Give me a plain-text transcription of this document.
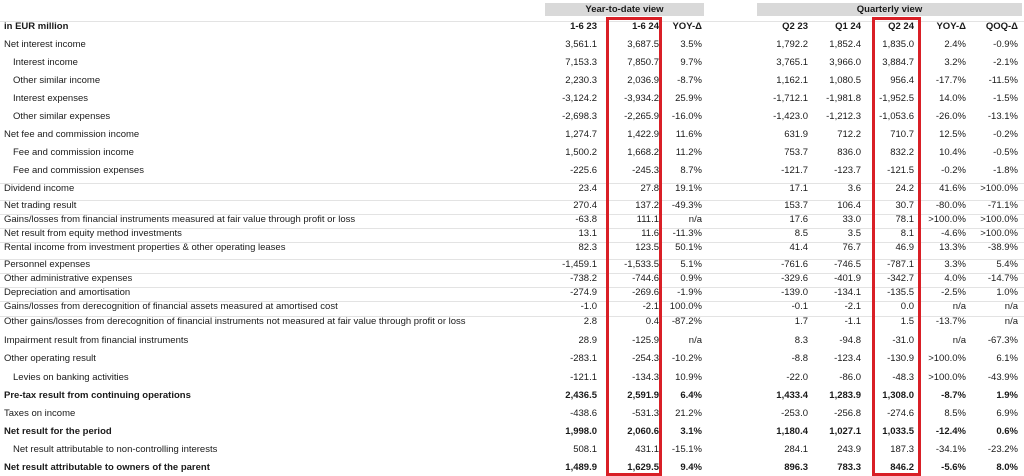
Year-to-date view	Quarterly view
in EUR million	1-6 23	1-6 24	YOY-Δ	Q2 23	Q1 24	Q2 24	YOY-Δ	QOQ-Δ
Net interest income	3,561.1	3,687.5	3.5%	1,792.2	1,852.4	1,835.0	2.4%	-0.9%
Interest income	7,153.3	7,850.7	9.7%	3,765.1	3,966.0	3,884.7	3.2%	-2.1%
Other similar income	2,230.3	2,036.9	-8.7%	1,162.1	1,080.5	956.4	-17.7%	-11.5%
Interest expenses	-3,124.2	-3,934.2	25.9%	-1,712.1	-1,981.8	-1,952.5	14.0%	-1.5%
Other similar expenses	-2,698.3	-2,265.9	-16.0%	-1,423.0	-1,212.3	-1,053.6	-26.0%	-13.1%
Net fee and commission income	1,274.7	1,422.9	11.6%	631.9	712.2	710.7	12.5%	-0.2%
Fee and commission income	1,500.2	1,668.2	11.2%	753.7	836.0	832.2	10.4%	-0.5%
Fee and commission expenses	-225.6	-245.3	8.7%	-121.7	-123.7	-121.5	-0.2%	-1.8%
Dividend income	23.4	27.8	19.1%	17.1	3.6	24.2	41.6%	>100.0%
Net trading result	270.4	137.2	-49.3%	153.7	106.4	30.7	-80.0%	-71.1%
Gains/losses from financial instruments measured at fair value through profit or loss	-63.8	111.1	n/a	17.6	33.0	78.1	>100.0%	>100.0%
Net result from equity method investments	13.1	11.6	-11.3%	8.5	3.5	8.1	-4.6%	>100.0%
Rental income from investment properties & other operating leases	82.3	123.5	50.1%	41.4	76.7	46.9	13.3%	-38.9%
Personnel expenses	-1,459.1	-1,533.5	5.1%	-761.6	-746.5	-787.1	3.3%	5.4%
Other administrative expenses	-738.2	-744.6	0.9%	-329.6	-401.9	-342.7	4.0%	-14.7%
Depreciation and amortisation	-274.9	-269.6	-1.9%	-139.0	-134.1	-135.5	-2.5%	1.0%
Gains/losses from derecognition of financial assets measured at amortised cost	-1.0	-2.1	100.0%	-0.1	-2.1	0.0	n/a	n/a
Other gains/losses from derecognition of financial instruments not measured at fair value through profit or loss	2.8	0.4	-87.2%	1.7	-1.1	1.5	-13.7%	n/a
Impairment result from financial instruments	28.9	-125.9	n/a	8.3	-94.8	-31.0	n/a	-67.3%
Other operating result	-283.1	-254.3	-10.2%	-8.8	-123.4	-130.9	>100.0%	6.1%
Levies on banking activities	-121.1	-134.3	10.9%	-22.0	-86.0	-48.3	>100.0%	-43.9%
Pre-tax result from continuing operations	2,436.5	2,591.9	6.4%	1,433.4	1,283.9	1,308.0	-8.7%	1.9%
Taxes on income	-438.6	-531.3	21.2%	-253.0	-256.8	-274.6	8.5%	6.9%
Net result for the period	1,998.0	2,060.6	3.1%	1,180.4	1,027.1	1,033.5	-12.4%	0.6%
Net result attributable to non-controlling interests	508.1	431.1	-15.1%	284.1	243.9	187.3	-34.1%	-23.2%
Net result attributable to owners of the parent	1,489.9	1,629.5	9.4%	896.3	783.3	846.2	-5.6%	8.0%
